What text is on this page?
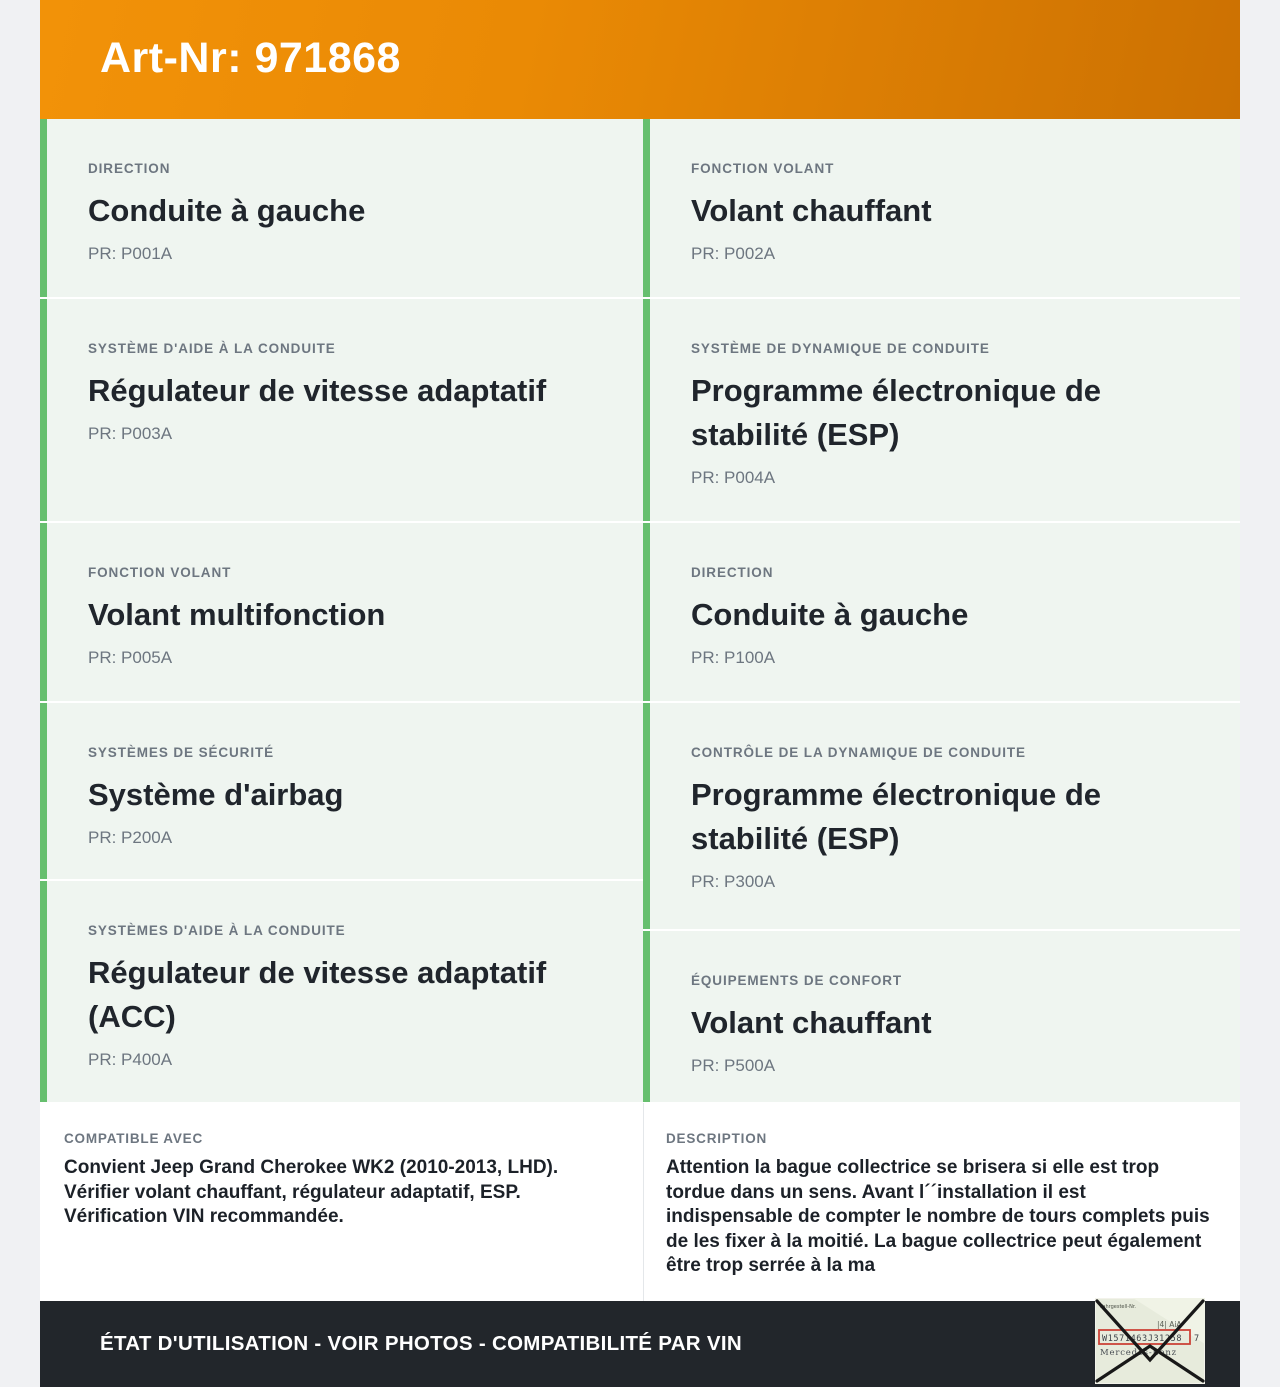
Art-Nr: 971868
DIRECTION
Conduite à gauche
PR: P001A
SYSTÈME D'AIDE À LA CONDUITE
Régulateur de vitesse adaptatif
PR: P003A
FONCTION VOLANT
Volant multifonction
PR: P005A
SYSTÈMES DE SÉCURITÉ
Système d'airbag
PR: P200A
SYSTÈMES D'AIDE À LA CONDUITE
Régulateur de vitesse adaptatif (ACC)
PR: P400A
FONCTION VOLANT
Volant chauffant
PR: P002A
SYSTÈME DE DYNAMIQUE DE CONDUITE
Programme électronique de stabilité (ESP)
PR: P004A
DIRECTION
Conduite à gauche
PR: P100A
CONTRÔLE DE LA DYNAMIQUE DE CONDUITE
Programme électronique de stabilité (ESP)
PR: P300A
ÉQUIPEMENTS DE CONFORT
Volant chauffant
PR: P500A
COMPATIBLE AVEC
Convient Jeep Grand Cherokee WK2 (2010-2013, LHD). Vérifier volant chauffant, régulateur adaptatif, ESP. Vérification VIN recommandée.
DESCRIPTION
Attention la bague collectrice se brisera si elle est trop tordue dans un sens. Avant l´´installation il est indispensable de compter le nombre de tours complets puis de les fixer à la moitié. La bague collectrice peut également être trop serrée à la ma
ÉTAT D'UTILISATION - VOIR PHOTOS - COMPATIBILITÉ PAR VIN
Fahrgestell-Nr.
|4| AiA
W1571463J31258 7
Mercedes-Benz
